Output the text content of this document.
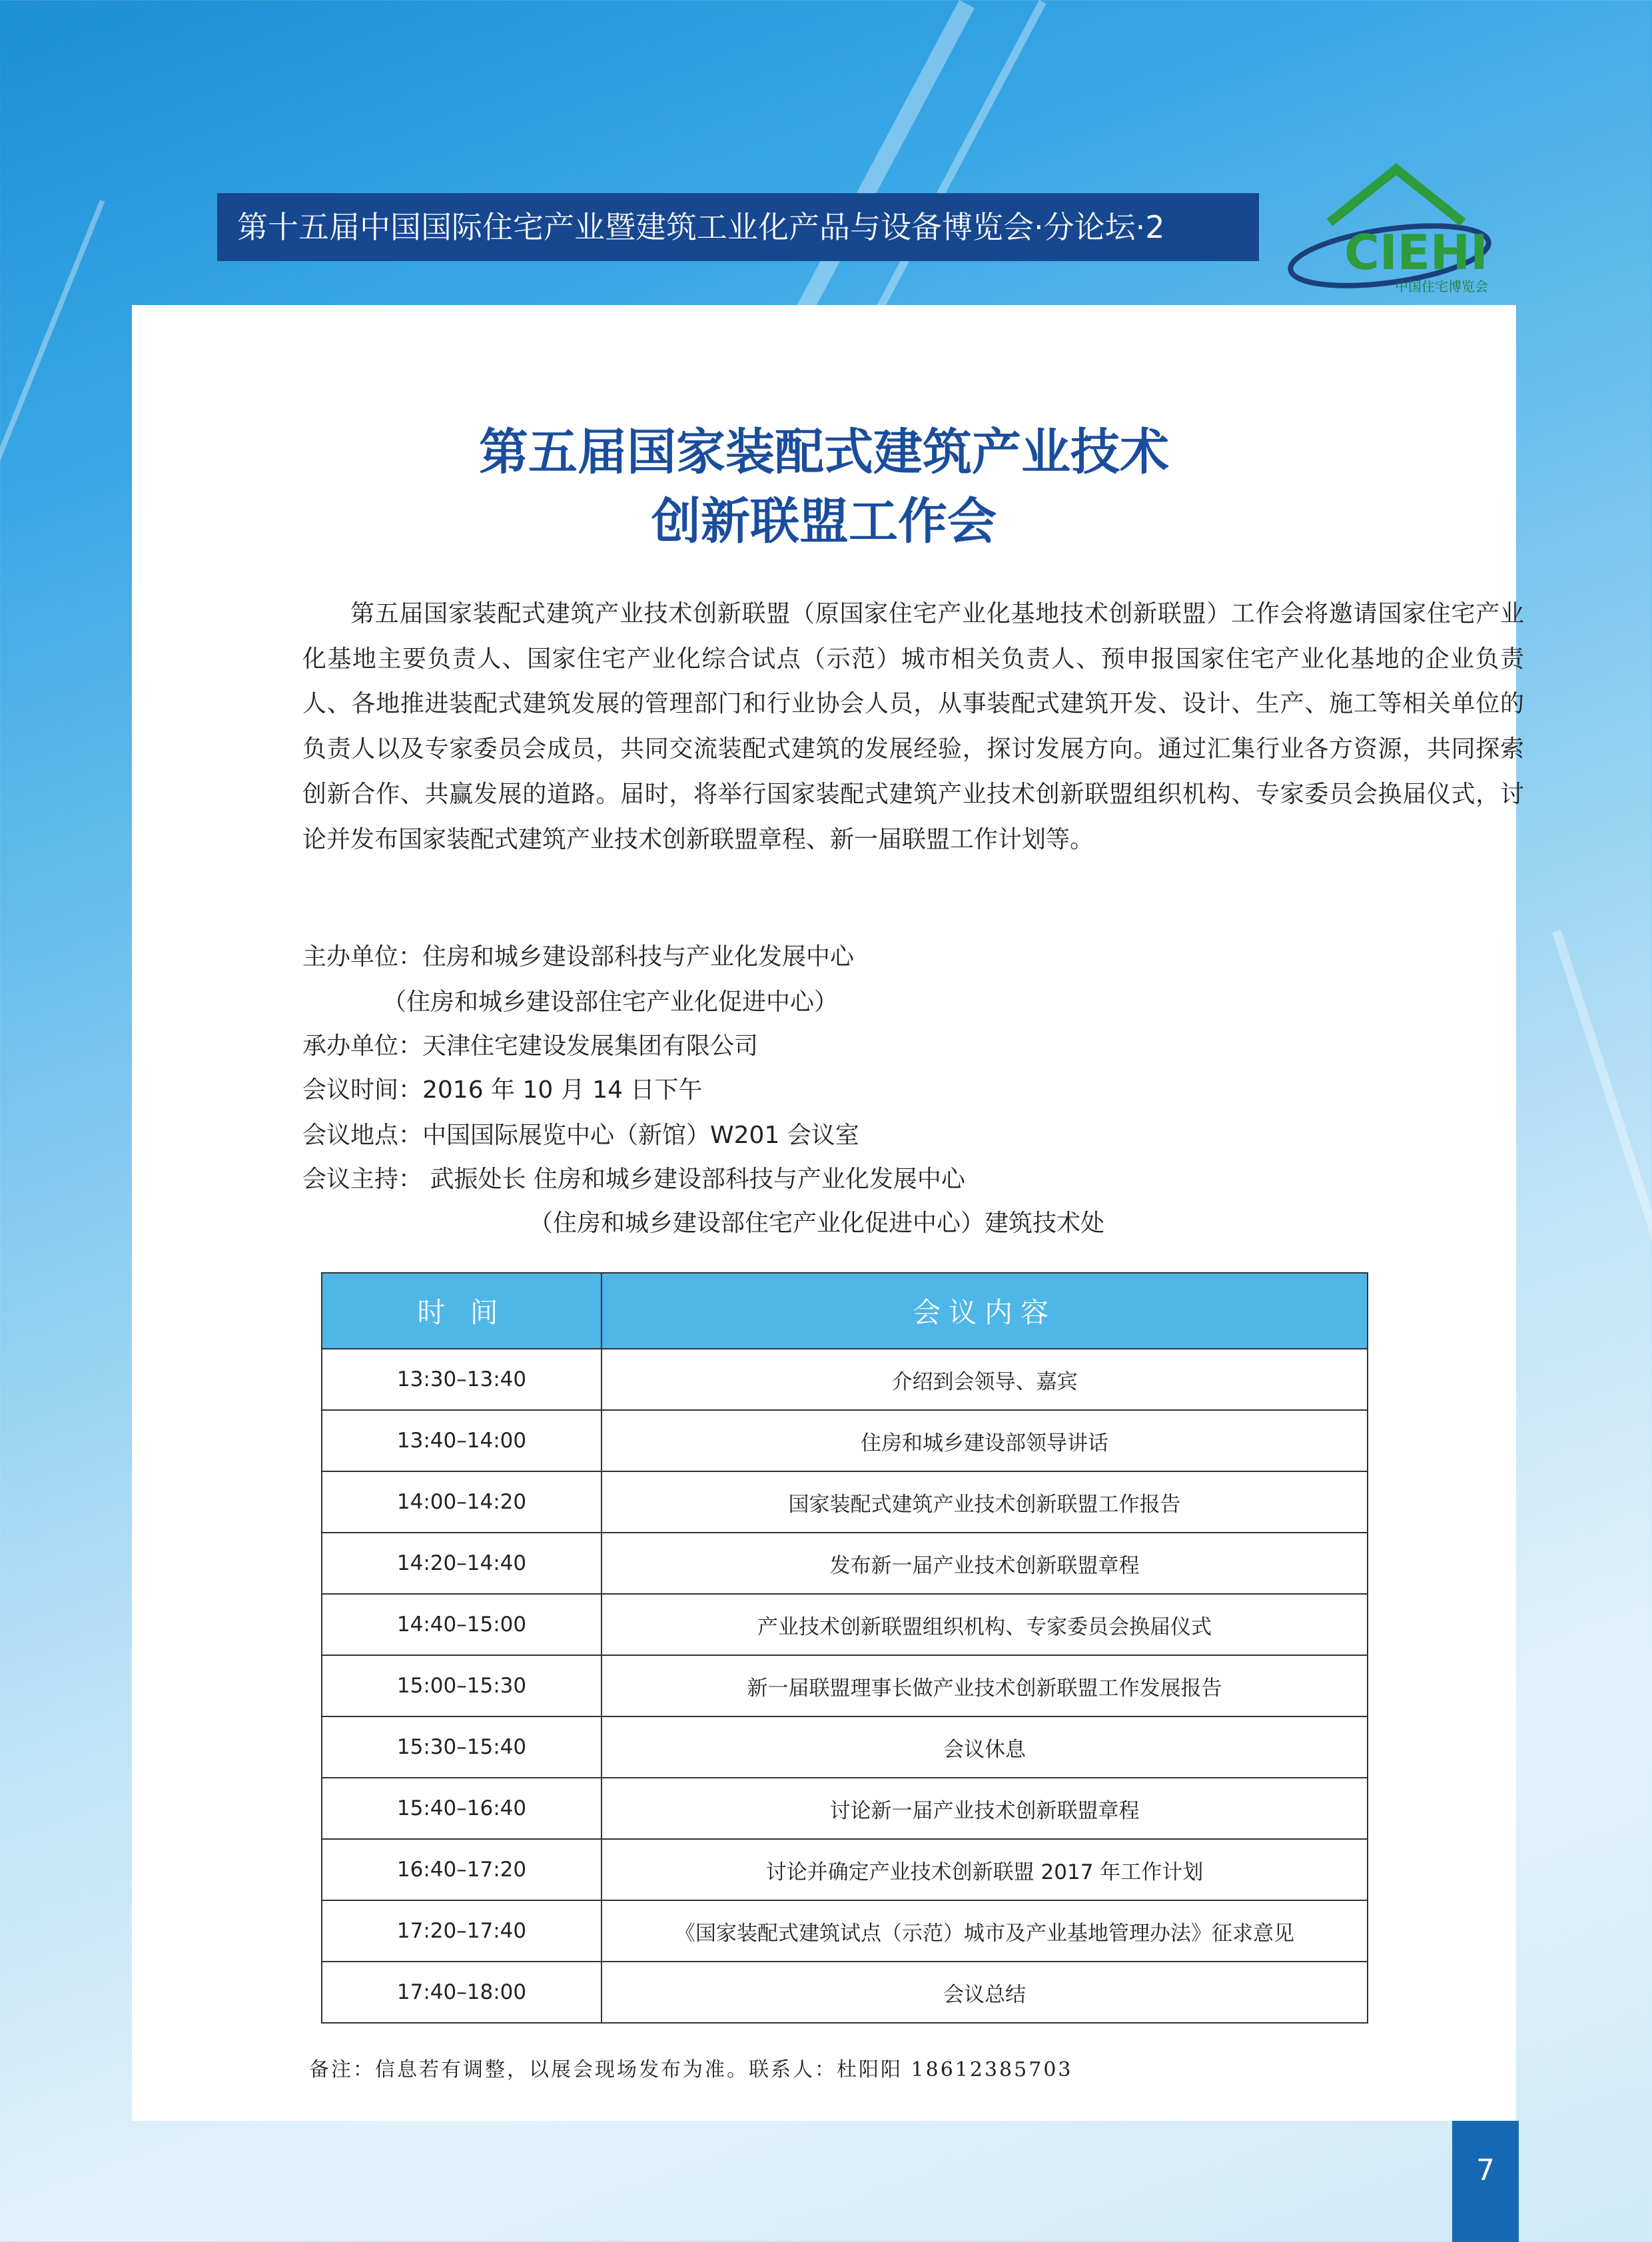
第十五届中国国际住宅产业暨建筑工业化产品与设备博览会·分论坛·2	CIEHI
中国住宅博览会
第五届国家装配式建筑产业技术
创新联盟工作会

第五届国家装配式建筑产业技术创新联盟（原国家住宅产业化基地技术创新联盟）工作会将邀请国家住宅产业化基地主要负责人、国家住宅产业化综合试点（示范）城市相关负责人、预申报国家住宅产业化基地的企业负责人、各地推进装配式建筑发展的管理部门和行业协会人员，从事装配式建筑开发、设计、生产、施工等相关单位的负责人以及专家委员会成员，共同交流装配式建筑的发展经验，探讨发展方向。通过汇集行业各方资源，共同探索创新合作、共赢发展的道路。届时，将举行国家装配式建筑产业技术创新联盟组织机构、专家委员会换届仪式，讨论并发布国家装配式建筑产业技术创新联盟章程、新一届联盟工作计划等。

主办单位：住房和城乡建设部科技与产业化发展中心
（住房和城乡建设部住宅产业化促进中心）
承办单位：天津住宅建设发展集团有限公司
会议时间：2016 年 10 月 14 日下午
会议地点：中国国际展览中心（新馆）W201 会议室
会议主持： 武振处长 住房和城乡建设部科技与产业化发展中心
（住房和城乡建设部住宅产业化促进中心）建筑技术处
时 间	会议内容
13:30–13:40	介绍到会领导、嘉宾
13:40–14:00	住房和城乡建设部领导讲话
14:00–14:20	国家装配式建筑产业技术创新联盟工作报告
14:20–14:40	发布新一届产业技术创新联盟章程
14:40–15:00	产业技术创新联盟组织机构、专家委员会换届仪式
15:00–15:30	新一届联盟理事长做产业技术创新联盟工作发展报告
15:30–15:40	会议休息
15:40–16:40	讨论新一届产业技术创新联盟章程
16:40–17:20	讨论并确定产业技术创新联盟 2017 年工作计划
17:20–17:40	《国家装配式建筑试点（示范）城市及产业基地管理办法》征求意见
17:40–18:00	会议总结
备注：信息若有调整，以展会现场发布为准。联系人：杜阳阳 18612385703
7
